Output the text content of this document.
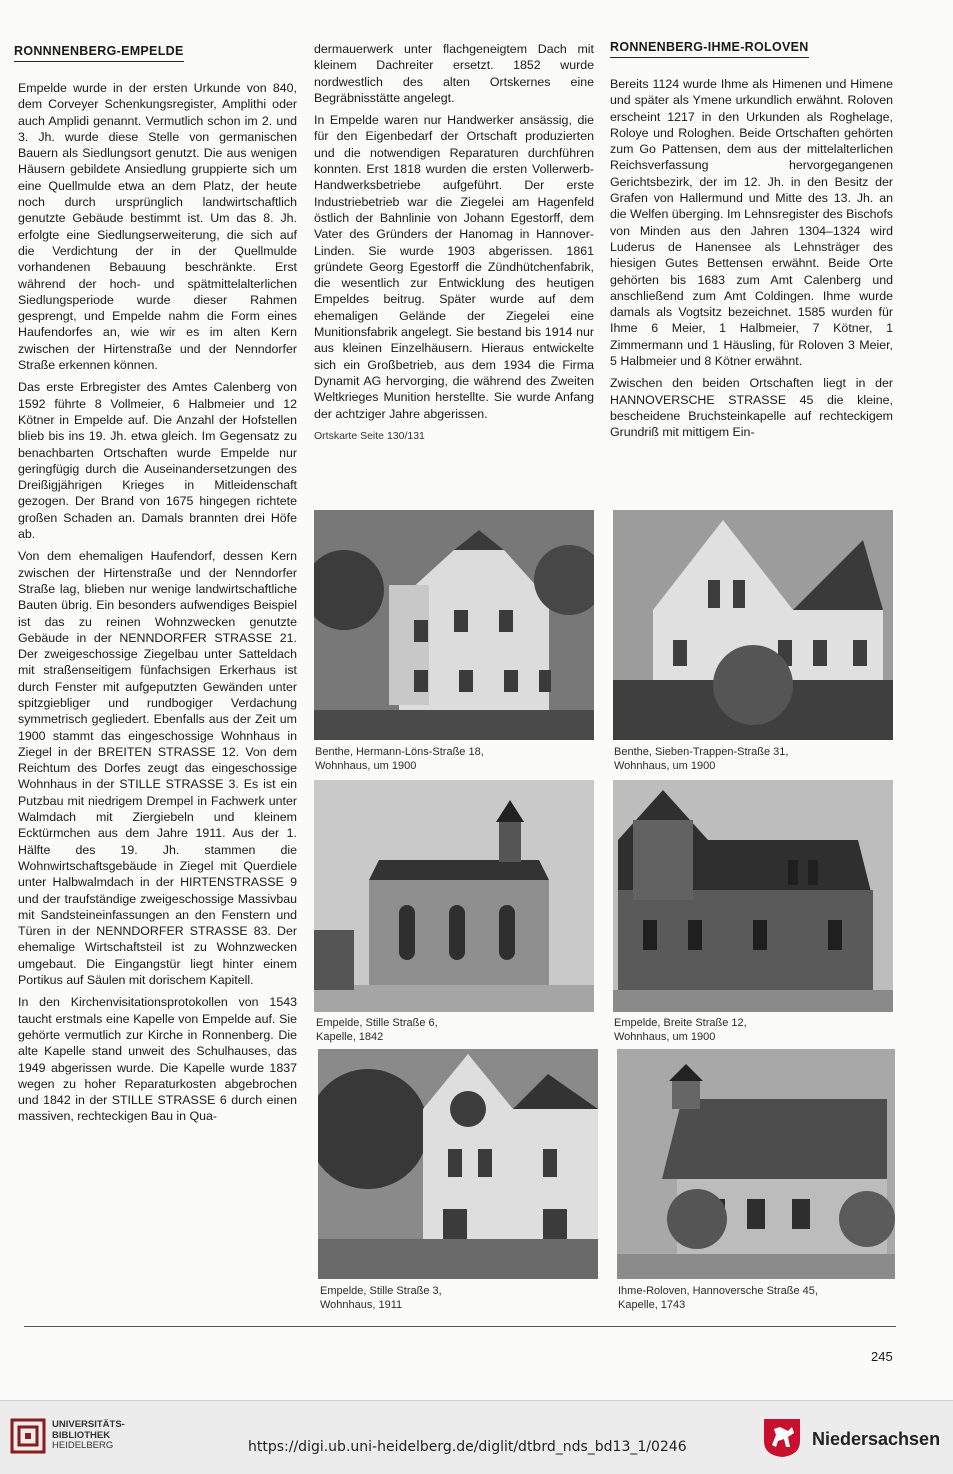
RONNNENBERG-EMPELDE	RONNENBERG-IHME-ROLOVEN

Empelde wurde in der ersten Urkunde von 840, dem Corveyer Schenkungsregister, Amplithi oder auch Amplidi genannt. Vermutlich schon im 2. und 3. Jh. wurde diese Stelle von germanischen Bauern als Siedlungsort genutzt. Die aus wenigen Häusern gebildete Ansiedlung gruppierte sich um eine Quellmulde etwa an dem Platz, der heute noch durch ursprünglich landwirtschaftlich genutzte Gebäude bestimmt ist. Um das 8. Jh. erfolgte eine Siedlungserweiterung, die sich auf die Verdichtung der in der Quellmulde vorhandenen Bebauung beschränkte. Erst während der hoch- und spätmittelalterlichen Siedlungsperiode wurde dieser Rahmen gesprengt, und Empelde nahm die Form eines Haufendorfes an, wie wir es im alten Kern zwischen der Hirtenstraße und der Nenndorfer Straße erkennen können.

Das erste Erbregister des Amtes Calenberg von 1592 führte 8 Vollmeier, 6 Halbmeier und 12 Kötner in Empelde auf. Die Anzahl der Hofstellen blieb bis ins 19. Jh. etwa gleich. Im Gegensatz zu benachbarten Ortschaften wurde Empelde nur geringfügig durch die Auseinandersetzungen des Dreißigjährigen Krieges in Mitleidenschaft gezogen. Der Brand von 1675 hingegen richtete großen Schaden an. Damals brannten drei Höfe ab.

Von dem ehemaligen Haufendorf, dessen Kern zwischen der Hirtenstraße und der Nenndorfer Straße lag, blieben nur wenige landwirtschaftliche Bauten übrig. Ein besonders aufwendiges Beispiel ist das zu reinen Wohnzwecken genutzte Gebäude in der NENNDORFER STRASSE 21. Der zweigeschossige Ziegelbau unter Satteldach mit straßenseitigem fünfachsigen Erkerhaus ist durch Fenster mit aufgeputzten Gewänden unter spitzgiebliger und rundbogiger Verdachung symmetrisch gegliedert. Ebenfalls aus der Zeit um 1900 stammt das eingeschossige Wohnhaus in Ziegel in der BREITEN STRASSE 12. Von dem Reichtum des Dorfes zeugt das eingeschossige Wohnhaus in der STILLE STRASSE 3. Es ist ein Putzbau mit niedrigem Drempel in Fachwerk unter Walmdach mit Ziergiebeln und kleinem Ecktürmchen aus dem Jahre 1911. Aus der 1. Hälfte des 19. Jh. stammen die Wohnwirtschaftsgebäude in Ziegel mit Querdiele unter Halbwalmdach in der HIRTENSTRASSE 9 und der traufständige zweigeschossige Massivbau mit Sandsteineinfassungen an den Fenstern und Türen in der NENNDORFER STRASSE 83. Der ehemalige Wirtschaftsteil ist zu Wohnzwecken umgebaut. Die Eingangstür liegt hinter einem Portikus auf Säulen mit dorischem Kapitell.

In den Kirchenvisitationsprotokollen von 1543 taucht erstmals eine Kapelle von Empelde auf. Sie gehörte vermutlich zur Kirche in Ronnenberg. Die alte Kapelle stand unweit des Schulhauses, das 1949 abgerissen wurde. Die Kapelle wurde 1837 wegen zu hoher Reparaturkosten abgebrochen und 1842 in der STILLE STRASSE 6 durch einen massiven, rechteckigen Bau in Qua-

dermauerwerk unter flachgeneigtem Dach mit kleinem Dachreiter ersetzt. 1852 wurde nordwestlich des alten Ortskernes eine Begräbnisstätte angelegt.

In Empelde waren nur Handwerker ansässig, die für den Eigenbedarf der Ortschaft produzierten und die notwendigen Reparaturen durchführen konnten. Erst 1818 wurden die ersten Vollerwerb-Handwerksbetriebe aufgeführt. Der erste Industriebetrieb war die Ziegelei am Hagenfeld östlich der Bahnlinie von Johann Egestorff, dem Vater des Gründers der Hanomag in Hannover-Linden. Sie wurde 1903 abgerissen. 1861 gründete Georg Egestorff die Zündhütchenfabrik, die wesentlich zur Entwicklung des heutigen Empeldes beitrug. Später wurde auf dem ehemaligen Gelände der Ziegelei eine Munitionsfabrik angelegt. Sie bestand bis 1914 nur aus kleinen Einzelhäusern. Hieraus entwickelte sich ein Großbetrieb, aus dem 1934 die Firma Dynamit AG hervorging, die während des Zweiten Weltkrieges Munition herstellte. Sie wurde Anfang der achtziger Jahre abgerissen.

Ortskarte Seite 130/131

Bereits 1124 wurde Ihme als Himenen und Himene und später als Ymene urkundlich erwähnt. Roloven erscheint 1217 in den Urkunden als Roghelage, Roloye und Rologhen. Beide Ortschaften gehörten zum Go Pattensen, dem aus der mittelalterlichen Reichsverfassung hervorgegangenen Gerichtsbezirk, der im 12. Jh. in den Besitz der Grafen von Hallermund und Mitte des 13. Jh. an die Welfen überging. Im Lehnsregister des Bischofs von Minden aus den Jahren 1304–1324 wird Luderus de Hanensee als Lehnsträger des hiesigen Gutes Bettensen erwähnt. Beide Orte gehörten bis 1683 zum Amt Calenberg und anschließend zum Amt Coldingen. Ihme wurde damals als Vogtsitz bezeichnet. 1585 wurden für Ihme 6 Meier, 1 Halbmeier, 7 Kötner, 1 Zimmermann und 1 Häusling, für Roloven 3 Meier, 5 Halbmeier und 8 Kötner erwähnt.

Zwischen den beiden Ortschaften liegt in der HANNOVERSCHE STRASSE 45 die kleine, bescheidene Bruchsteinkapelle auf rechteckigem Grundriß mit mittigem Ein-

Benthe, Hermann-Löns-Straße 18,
Wohnhaus, um 1900
Benthe, Sieben-Trappen-Straße 31,
Wohnhaus, um 1900
Empelde, Stille Straße 6,
Kapelle, 1842
Empelde, Breite Straße 12,
Wohnhaus, um 1900
Empelde, Stille Straße 3,
Wohnhaus, 1911
Ihme-Roloven, Hannoversche Straße 45,
Kapelle, 1743
245
UNIVERSITÄTS-
BIBLIOTHEK
HEIDELBERG	https://digi.ub.uni-heidelberg.de/diglit/dtbrd_nds_bd13_1/0246	Niedersachsen
